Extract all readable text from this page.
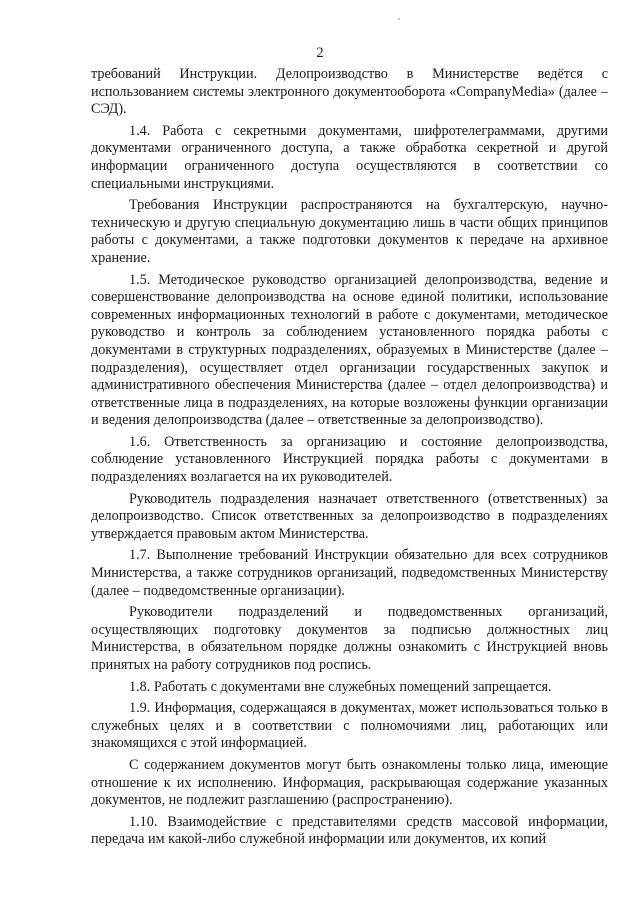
2

требований Инструкции. Делопроизводство в Министерстве ведётся с использованием системы электронного документооборота «CompanyMedia» (далее – СЭД).

1.4. Работа с секретными документами, шифротелеграммами, другими документами ограниченного доступа, а также обработка секретной и другой информации ограниченного доступа осуществляются в соответствии со специальными инструкциями.

Требования Инструкции распространяются на бухгалтерскую, научно-техническую и другую специальную документацию лишь в части общих принципов работы с документами, а также подготовки документов к передаче на архивное хранение.

1.5. Методическое руководство организацией делопроизводства, ведение и совершенствование делопроизводства на основе единой политики, использование современных информационных технологий в работе с документами, методическое руководство и контроль за соблюдением установленного порядка работы с документами в структурных подразделениях, образуемых в Министерстве (далее – подразделения), осуществляет отдел организации государственных закупок и административного обеспечения Министерства (далее – отдел делопроизводства) и ответственные лица в подразделениях, на которые возложены функции организации и ведения делопроизводства (далее – ответственные за делопроизводство).

1.6. Ответственность за организацию и состояние делопроизводства, соблюдение установленного Инструкцией порядка работы с документами в подразделениях возлагается на их руководителей.

Руководитель подразделения назначает ответственного (ответственных) за делопроизводство. Список ответственных за делопроизводство в подразделениях утверждается правовым актом Министерства.

1.7. Выполнение требований Инструкции обязательно для всех сотрудников Министерства, а также сотрудников организаций, подведомственных Министерству (далее – подведомственные организации).

Руководители подразделений и подведомственных организаций, осуществляющих подготовку документов за подписью должностных лиц Министерства, в обязательном порядке должны ознакомить с Инструкцией вновь принятых на работу сотрудников под роспись.

1.8. Работать с документами вне служебных помещений запрещается.

1.9. Информация, содержащаяся в документах, может использоваться только в служебных целях и в соответствии с полномочиями лиц, работающих или знакомящихся с этой информацией.

С содержанием документов могут быть ознакомлены только лица, имеющие отношение к их исполнению. Информация, раскрывающая содержание указанных документов, не подлежит разглашению (распространению).

1.10. Взаимодействие с представителями средств массовой информации, передача им какой-либо служебной информации или документов, их копий
